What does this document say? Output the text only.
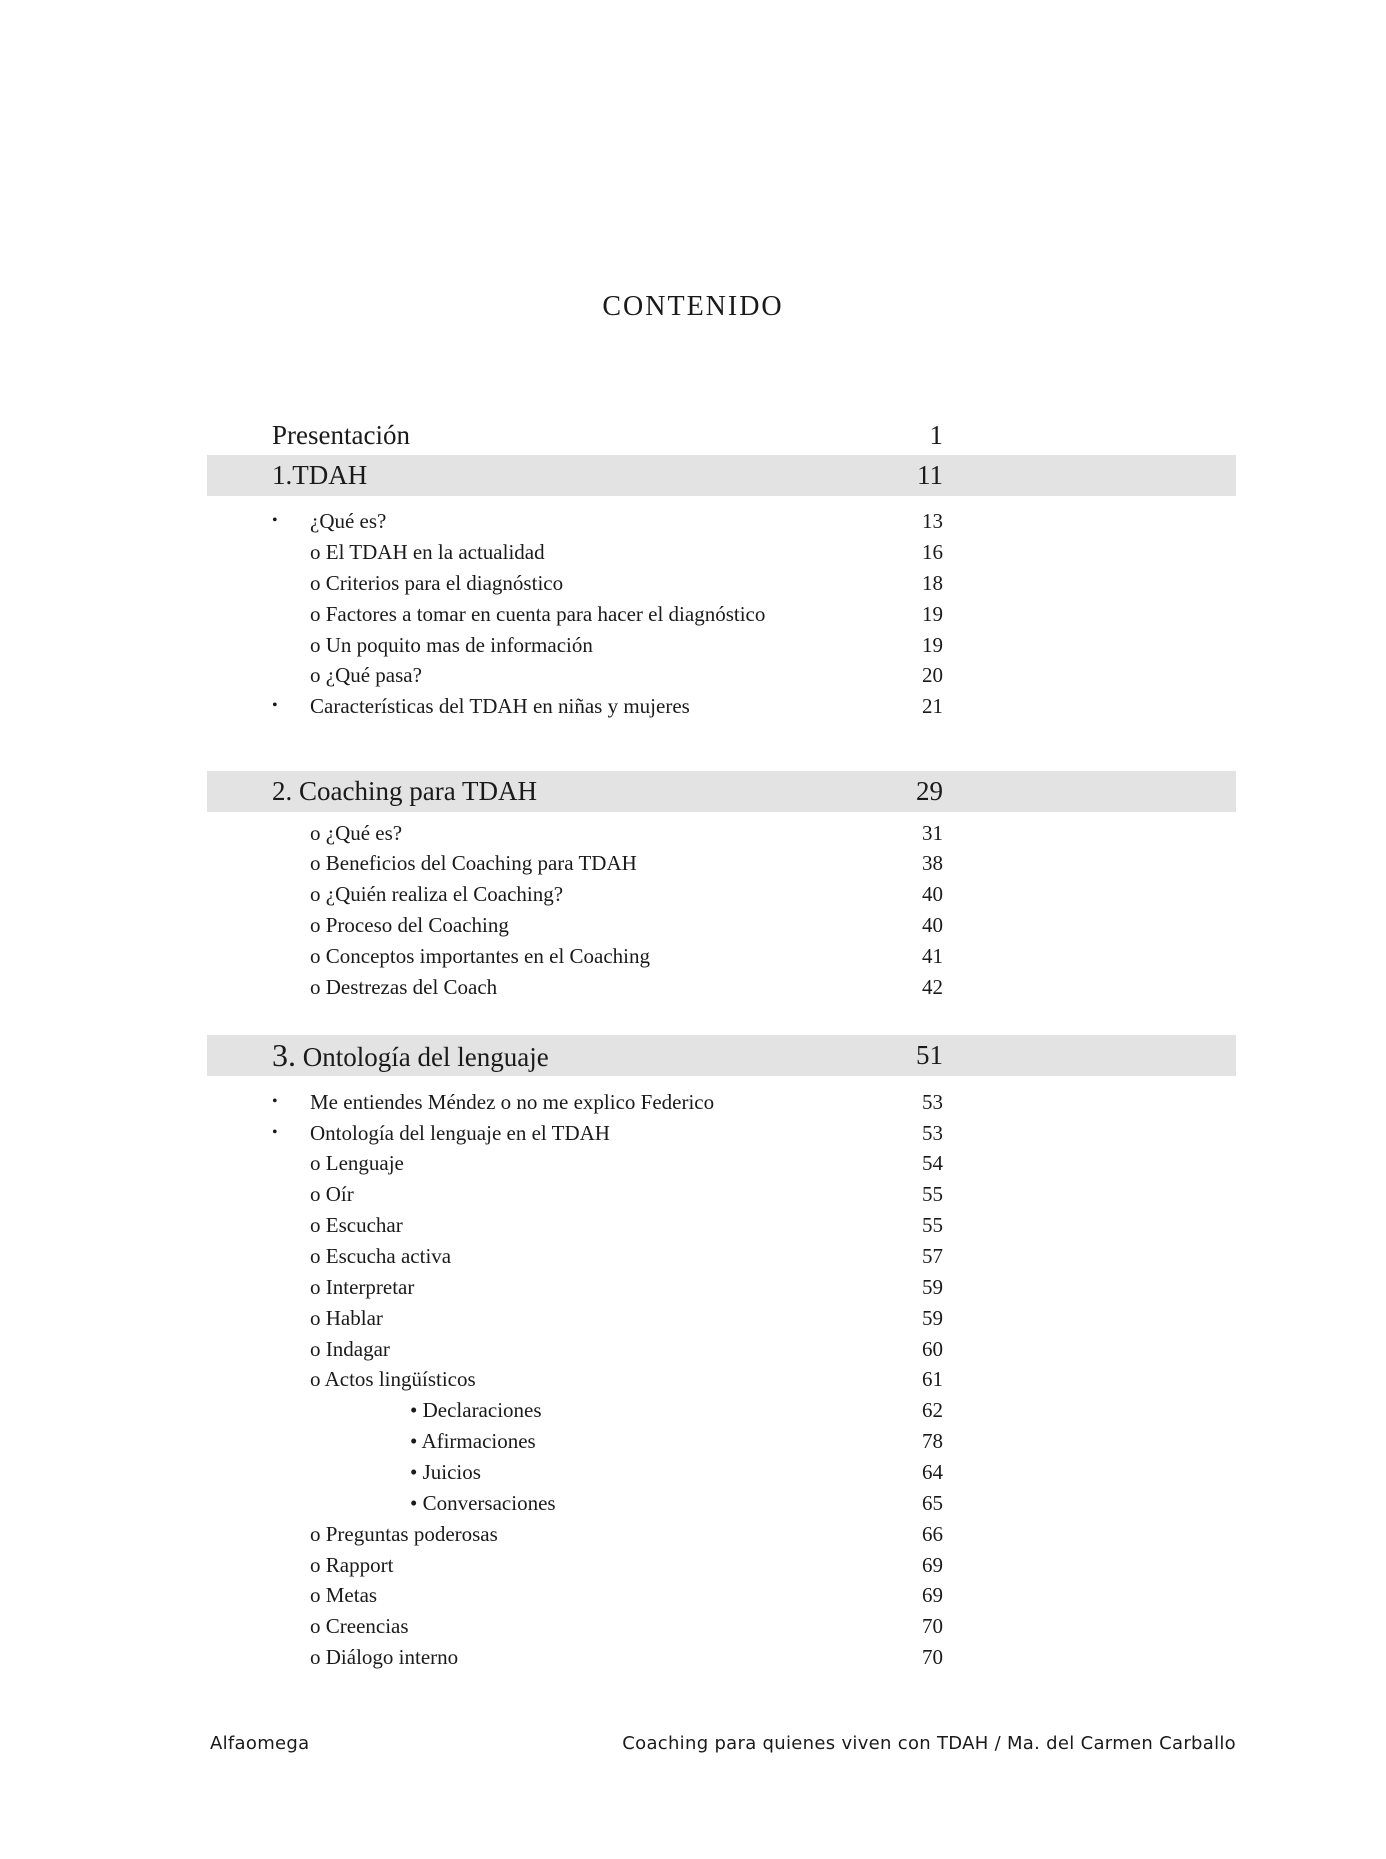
CONTENIDO
Presentación	1
1.TDAH	11
• ¿Qué es?	13
o El TDAH en la actualidad	16
o Criterios para el diagnóstico	18
o Factores a tomar en cuenta para hacer el diagnóstico	19
o Un poquito mas de información	19
o ¿Qué pasa?	20
• Características del TDAH en niñas y mujeres	21
2. Coaching para TDAH	29
o ¿Qué es?	31
o Beneficios del Coaching para TDAH	38
o ¿Quién realiza el Coaching?	40
o Proceso del Coaching	40
o Conceptos importantes en el Coaching	41
o Destrezas del Coach	42
3. Ontología del lenguaje	51
• Me entiendes Méndez o no me explico Federico	53
• Ontología del lenguaje en el TDAH	53
o Lenguaje	54
o Oír	55
o Escuchar	55
o Escucha activa	57
o Interpretar	59
o Hablar	59
o Indagar	60
o Actos lingüísticos	61
• Declaraciones	62
• Afirmaciones	78
• Juicios	64
• Conversaciones	65
o Preguntas poderosas	66
o Rapport	69
o Metas	69
o Creencias	70
o Diálogo interno	70
Alfaomega	Coaching para quienes viven con TDAH / Ma. del Carmen Carballo
